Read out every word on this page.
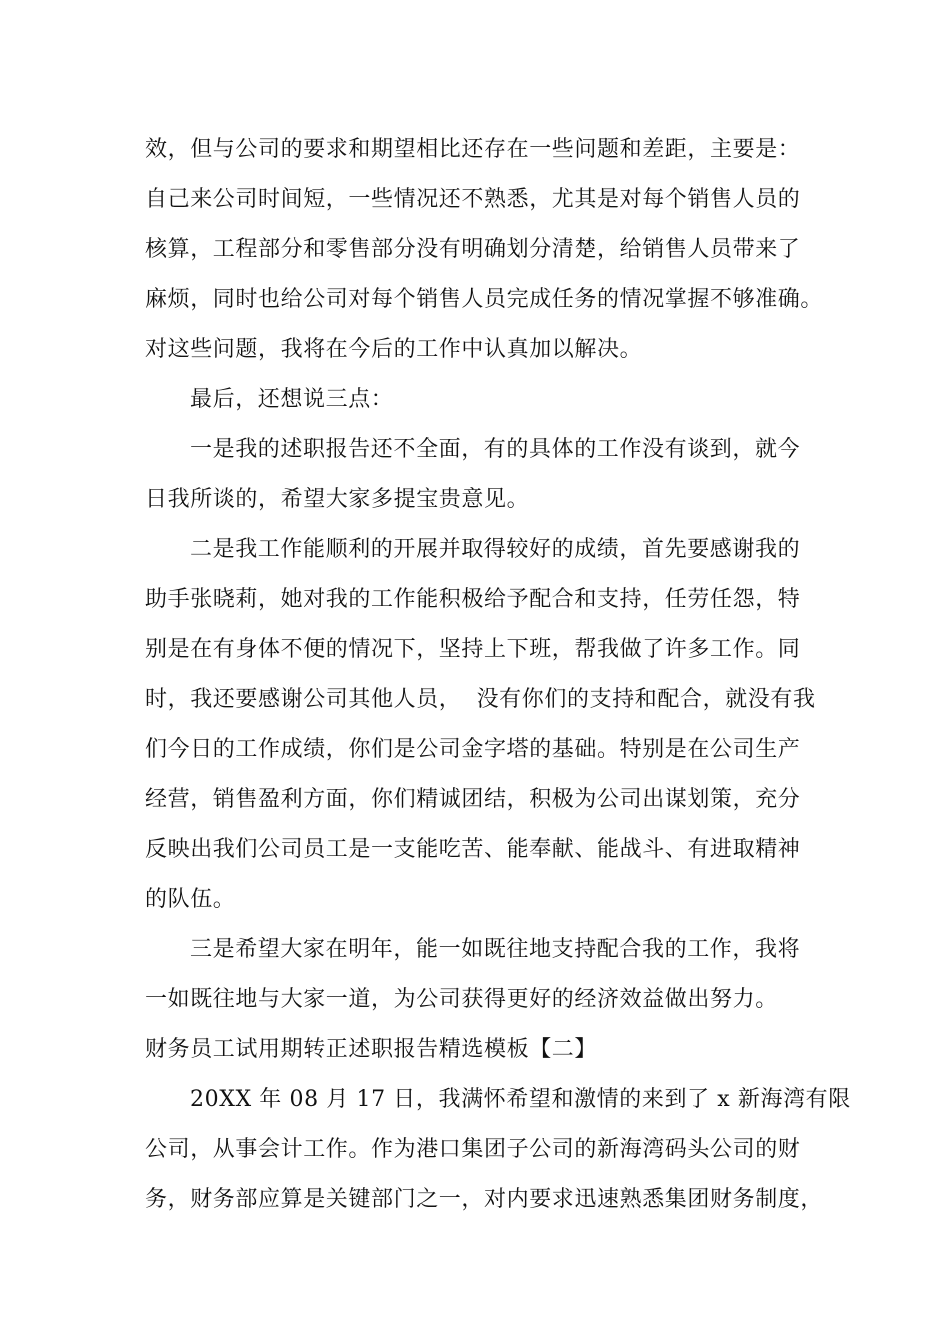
效，但与公司的要求和期望相比还存在一些问题和差距，主要是：
自己来公司时间短，一些情况还不熟悉，尤其是对每个销售人员的
核算，工程部分和零售部分没有明确划分清楚，给销售人员带来了
麻烦，同时也给公司对每个销售人员完成任务的情况掌握不够准确。
对这些问题，我将在今后的工作中认真加以解决。
最后，还想说三点：
一是我的述职报告还不全面，有的具体的工作没有谈到，就今
日我所谈的，希望大家多提宝贵意见。
二是我工作能顺利的开展并取得较好的成绩，首先要感谢我的
助手张晓莉，她对我的工作能积极给予配合和支持，任劳任怨，特
别是在有身体不便的情况下，坚持上下班，帮我做了许多工作。同
时，我还要感谢公司其他人员，  没有你们的支持和配合，就没有我
们今日的工作成绩，你们是公司金字塔的基础。特别是在公司生产
经营，销售盈利方面，你们精诚团结，积极为公司出谋划策，充分
反映出我们公司员工是一支能吃苦、能奉献、能战斗、有进取精神
的队伍。
三是希望大家在明年，能一如既往地支持配合我的工作，我将
一如既往地与大家一道，为公司获得更好的经济效益做出努力。
财务员工试用期转正述职报告精选模板【二】
20XX 年 08 月 17 日，我满怀希望和激情的来到了 x 新海湾有限
公司，从事会计工作。作为港口集团子公司的新海湾码头公司的财
务，财务部应算是关键部门之一，对内要求迅速熟悉集团财务制度，
